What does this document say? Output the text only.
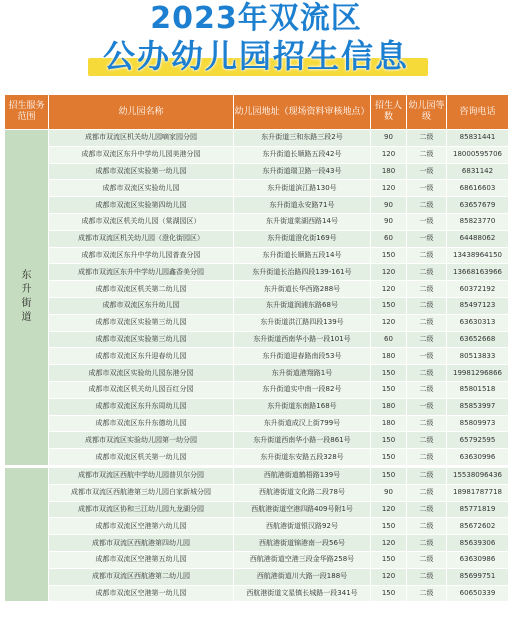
2023年双流区
公办幼儿园招生信息
招生服务范围	幼儿园名称	幼儿园地址（现场资料审核地点）	招生人数	幼儿园等级	咨询电话
东升街道	成都市双流区机关幼儿园嘀家园分园	东升街道三和东路三段2号	90	二级	85831441
	成都市双流区东升中学幼儿园美港分园	东升街道长顺路五段42号	120	二级	18000595706
	成都市双流区实验第一幼儿园	东升街道瑞卫路一段43号	180	一级	6831142
	成都市双流区实验幼儿园	东升街道滨江路130号	120	一级	68616603
	成都市双流区实验第四幼儿园	东升街道永安路71号	90	二级	63657679
	成都市双流区机关幼儿园（棠湖园区）	东升街道棠湖西路14号	90	一级	85823770
	成都市双流区机关幼儿园（澄化街园区）	东升街道澄化街169号	60	一级	64488062
	成都市双流区东升中学幼儿园普查分园	东升街道长顺路五段14号	150	二级	13438964150
	成都市双流区东升中学幼儿园鑫香美分园	东升街道长治路四段139-161号	120	二级	13668163966
	成都市双流区机关第二幼儿园	东升街道长华西路288号	120	二级	60372192
	成都市双流区东升幼儿园	东升街道润浦东路68号	150	二级	85497123
	成都市双流区实验第三幼儿园	东升街道洪江路四段139号	120	二级	63630313
	成都市双流区实验第三幼儿园	东升街道西南华小路一段101号	60	二级	63652668
	成都市双流区东升迎春幼儿园	东升街道迎春路南段53号	180	一级	80513833
	成都市双流区实验幼儿园东港分园	东升街道港翔路1号	150	二级	19981296866
	成都市双流区机关幼儿园百红分园	东升街道实中南一段82号	150	二级	85801518
	成都市双流区东升东周幼儿园	东升街道东南路168号	180	一级	85853997
	成都市双流区东升东德幼儿园	东升街道成汉上街799号	180	二级	85809973
	成都市双流区实验幼儿园第一幼分园	东升街道西南华小路一段861号	150	二级	65792595
	成都市双流区机关第一幼儿园	东升街道东安路五段328号	150	二级	63630996
	成都市双流区西航中学幼儿园普贝尔分园	西航港街道鹤梧路139号	150	二级	15538096436
	成都市双流区西航港第三幼儿园白家新城分园	西航港街道文化路二段78号	90	二级	18981787718
	成都市双流区协和三江幼儿园九龙湖分园	西航港街道空港四路409号附1号	120	二级	85771819
	成都市双流区空港第六幼儿园	西航港街道银汉路92号	150	二级	85672602
	成都市双流区西航港第四幼儿园	西航港街道锦港南一段56号	120	二级	85639306
	成都市双流区空港第五幼儿园	西航港街道空港三段金华路258号	150	二级	63630986
	成都市双流区西航港第二幼儿园	西航港街道川大路一段188号	120	二级	85699751
	成都市双流区空港第一幼儿园	西航港街道文星镇长城路一段341号	150	二级	60650339
